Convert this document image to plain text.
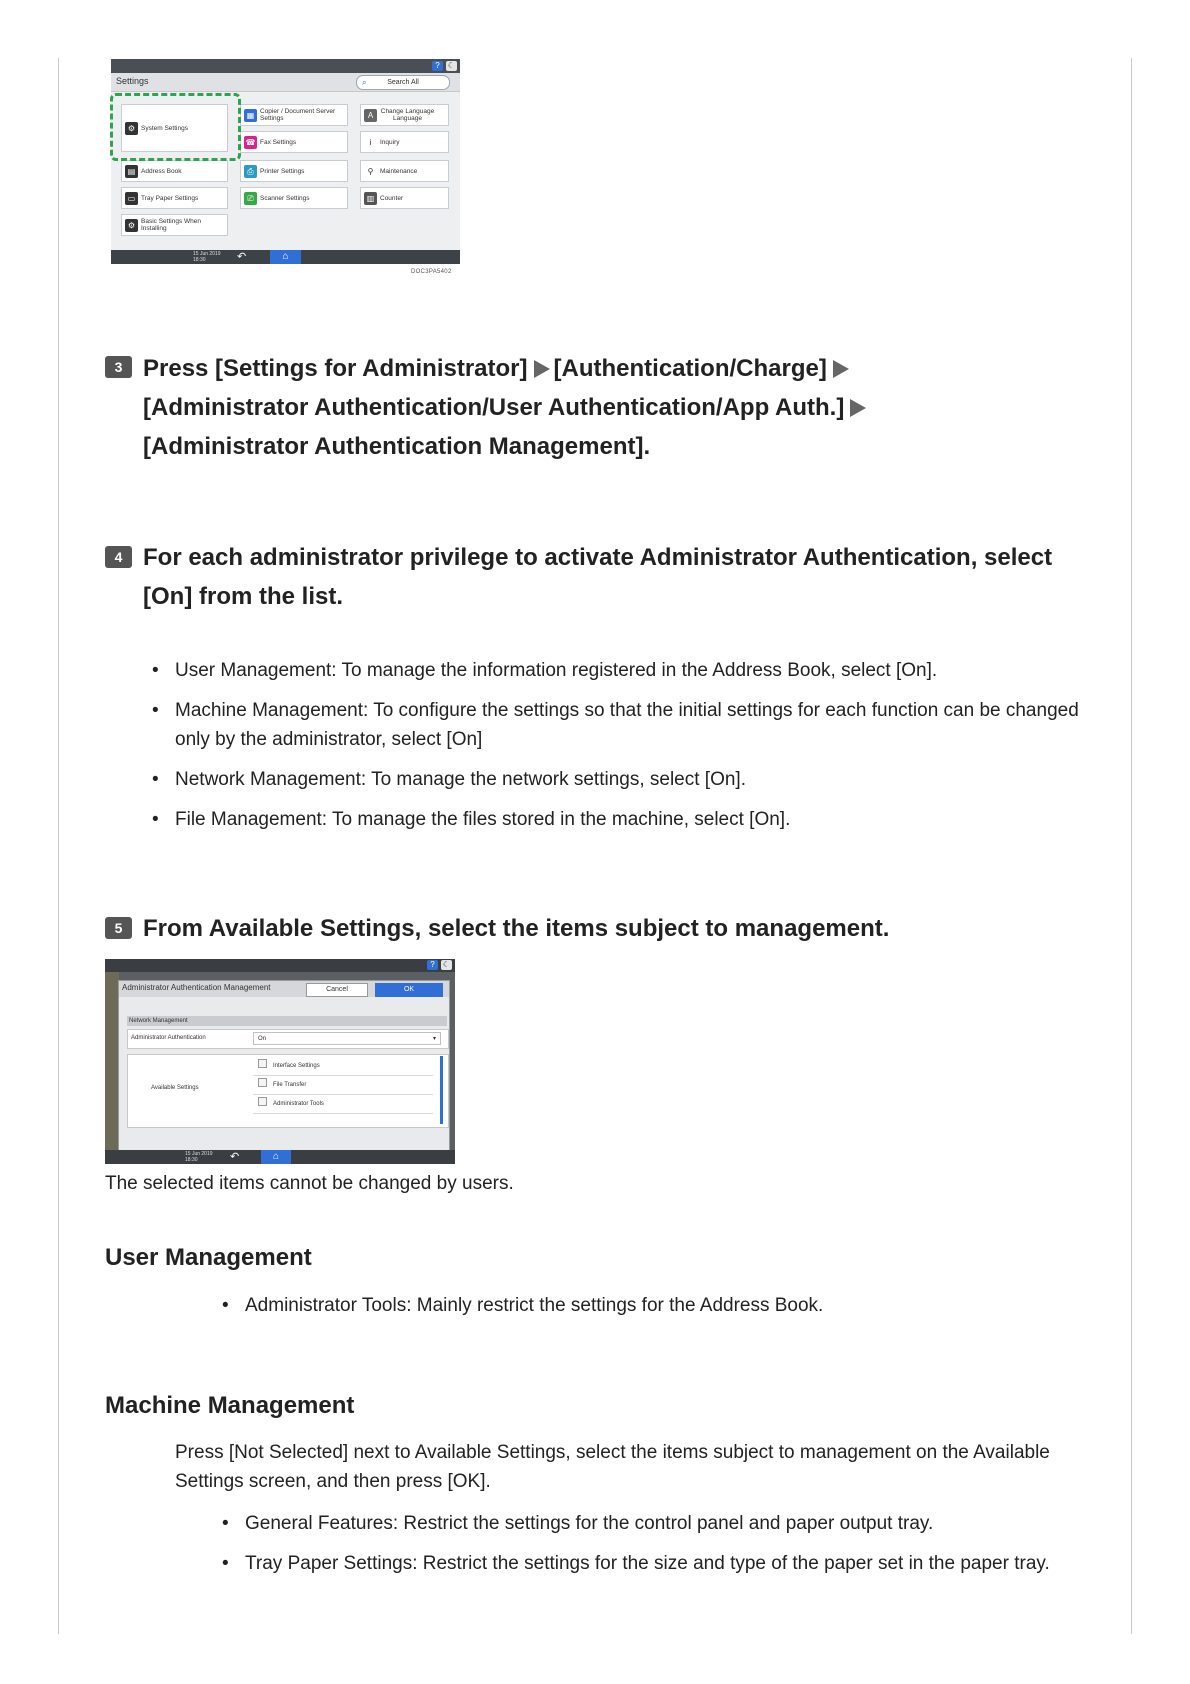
?	☾
Settings	⌕	Search All
⚙ System Settings
▤ Address Book
▭ Tray Paper Settings
⚙ Basic Settings When Installing
▦ Copier / Document Server Settings
☎ Fax Settings
⎙ Printer Settings
⎚ Scanner Settings
A	Change Language Language
i	Inquiry
⚲	Maintenance
▥ Counter
15 Jun 2019 18:30	↶	⌂
DOC3PA5402
3 Press [Settings for Administrator] [Authentication/Charge]
[Administrator Authentication/User Authentication/App Auth.]
[Administrator Authentication Management].
4 For each administrator privilege to activate Administrator Authentication, select [On] from the list.
• User Management: To manage the information registered in the Address Book, select [On].
• Machine Management: To configure the settings so that the initial settings for each function can be changed only by the administrator, select [On]
• Network Management: To manage the network settings, select [On].
• File Management: To manage the files stored in the machine, select [On].
5 From Available Settings, select the items subject to management.
?	☾
Administrator Authentication Management	Cancel	OK
Network Management
Administrator Authentication	On	▾
Available Settings
Interface Settings
File Transfer
Administrator Tools
15 Jun 2019 18:30	↶	⌂
The selected items cannot be changed by users.
User Management
• Administrator Tools: Mainly restrict the settings for the Address Book.
Machine Management
Press [Not Selected] next to Available Settings, select the items subject to management on the Available Settings screen, and then press [OK].
• General Features: Restrict the settings for the control panel and paper output tray.
• Tray Paper Settings: Restrict the settings for the size and type of the paper set in the paper tray.
